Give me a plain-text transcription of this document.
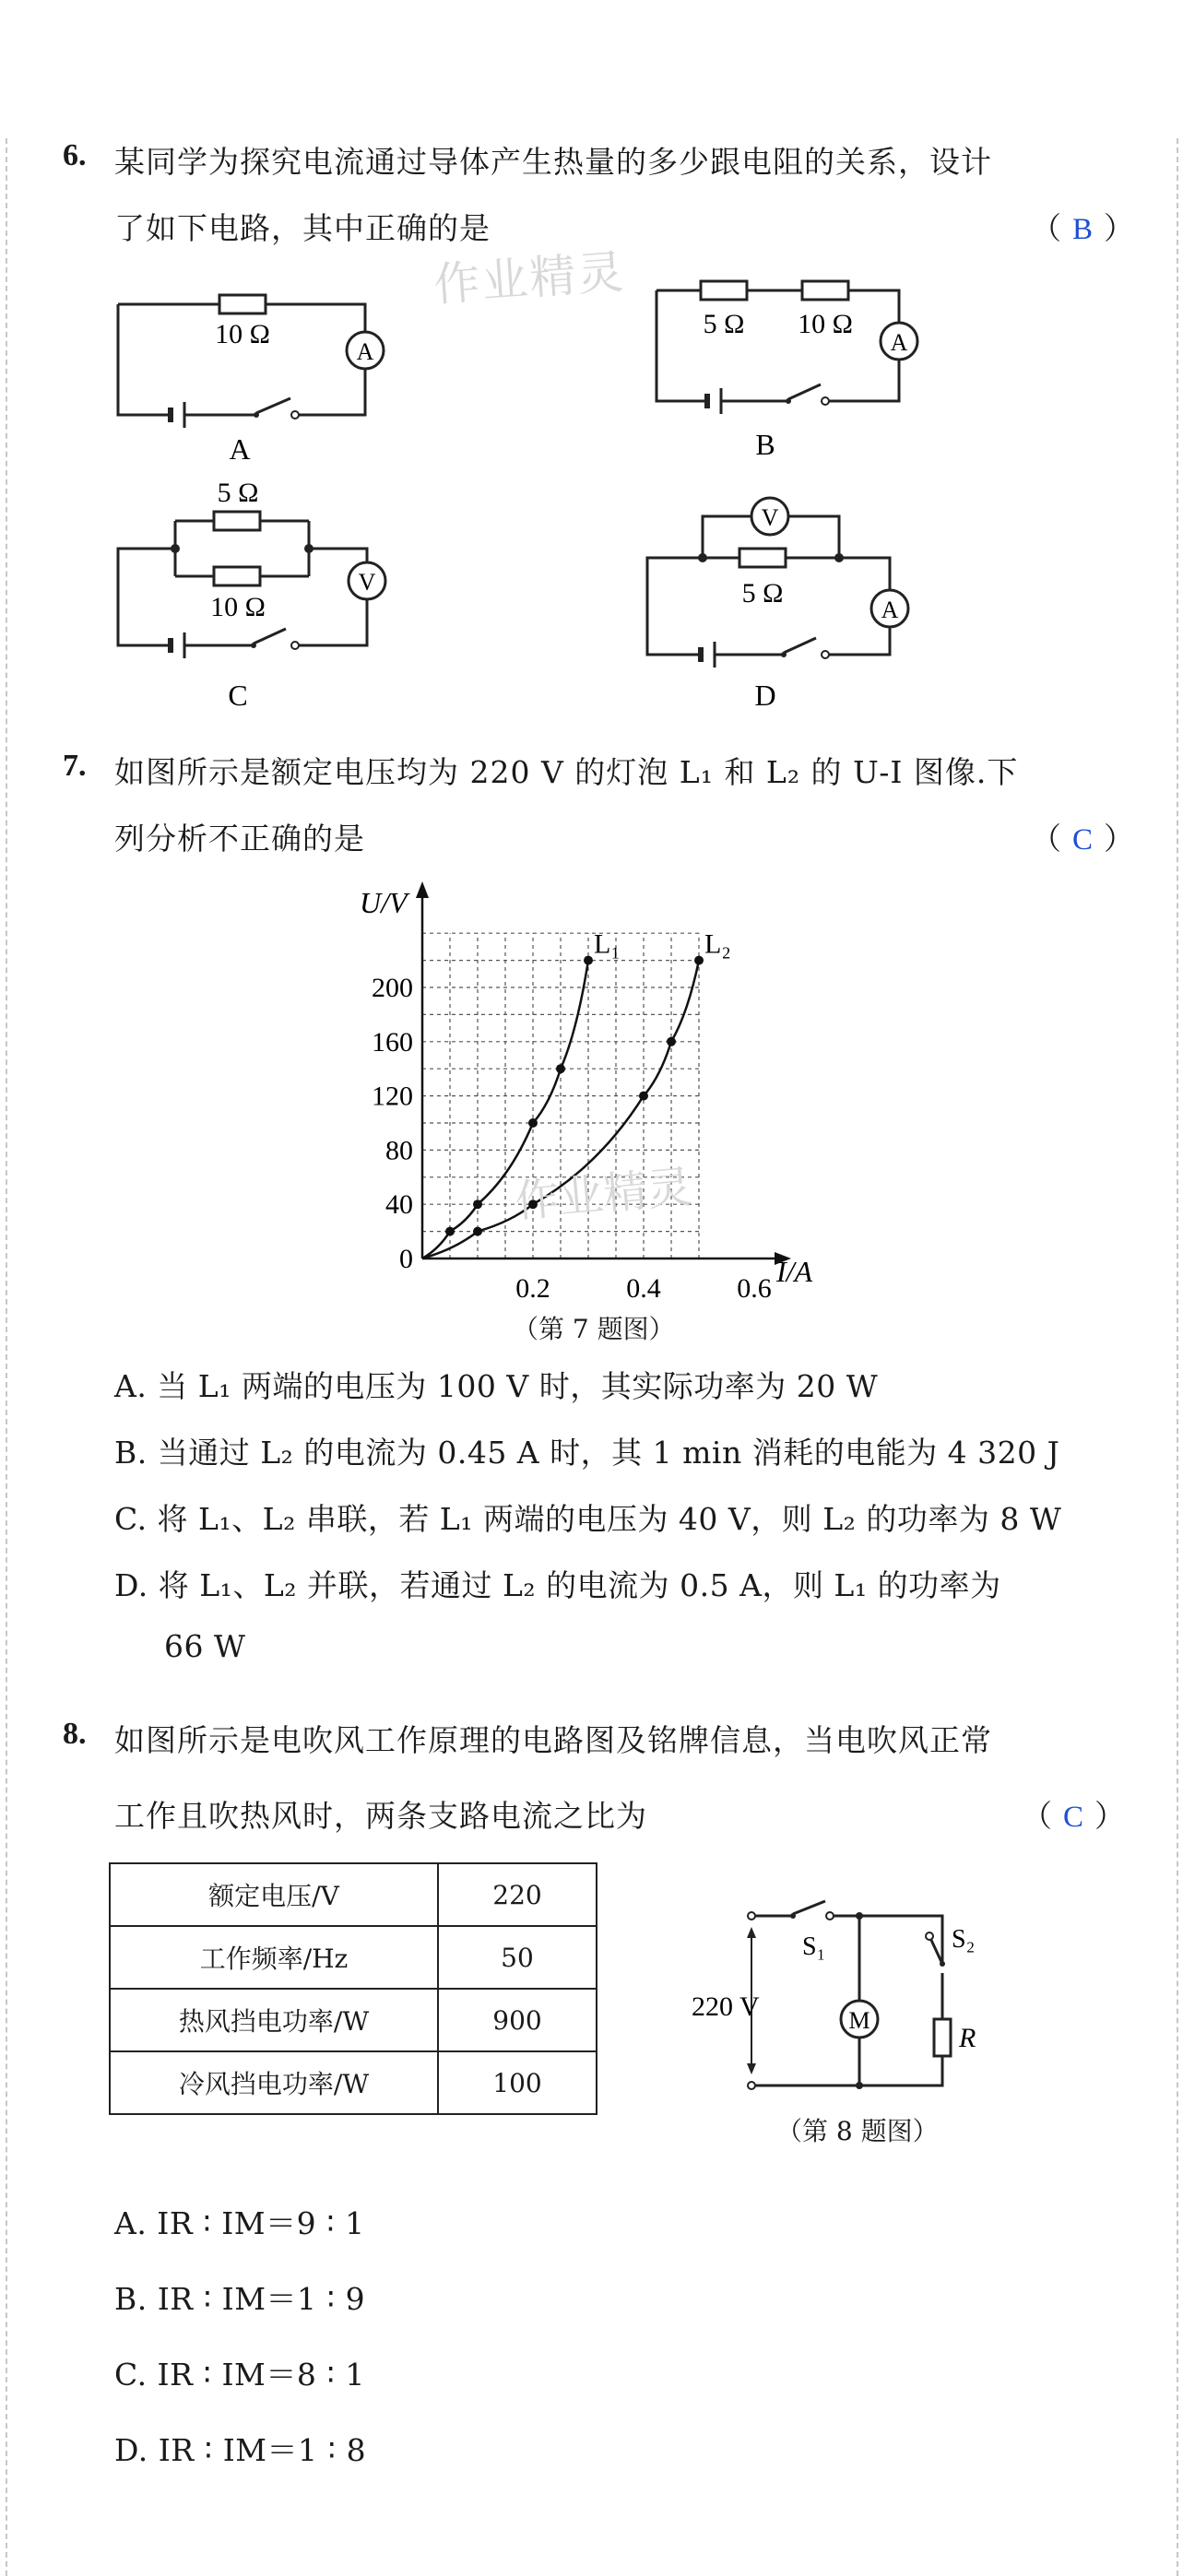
6. 某同学为探究电流通过导体产生热量的多少跟电阻的关系，设计
了如下电路，其中正确的是	（ B ）
作业精灵
10 Ω
A
A
5 Ω 10 Ω
A
B
5 Ω
10 Ω
V
C
V
5 Ω
A
D
7. 如图所示是额定电压均为 220 V 的灯泡 L₁ 和 L₂ 的 U-I 图像.下
列分析不正确的是	（ C ）
0
40
80
120
160
200
0.2	0.4	0.6
L₁	L₂
U/V
I/A
作业精灵
（第 7 题图）
A. 当 L₁ 两端的电压为 100 V 时，其实际功率为 20 W
B. 当通过 L₂ 的电流为 0.45 A 时，其 1 min 消耗的电能为 4 320 J
C. 将 L₁、L₂ 串联，若 L₁ 两端的电压为 40 V，则 L₂ 的功率为 8 W
D. 将 L₁、L₂ 并联，若通过 L₂ 的电流为 0.5 A，则 L₁ 的功率为
66 W
8. 如图所示是电吹风工作原理的电路图及铭牌信息，当电吹风正常
工作且吹热风时，两条支路电流之比为	（ C ）
额定电压/V	220
工作频率/Hz	50
热风挡电功率/W	900
冷风挡电功率/W	100
220 V
S₁	S₂
M
R
（第 8 题图）
A. IR ∶ IM＝9 ∶ 1
B. IR ∶ IM＝1 ∶ 9
C. IR ∶ IM＝8 ∶ 1
D. IR ∶ IM＝1 ∶ 8
